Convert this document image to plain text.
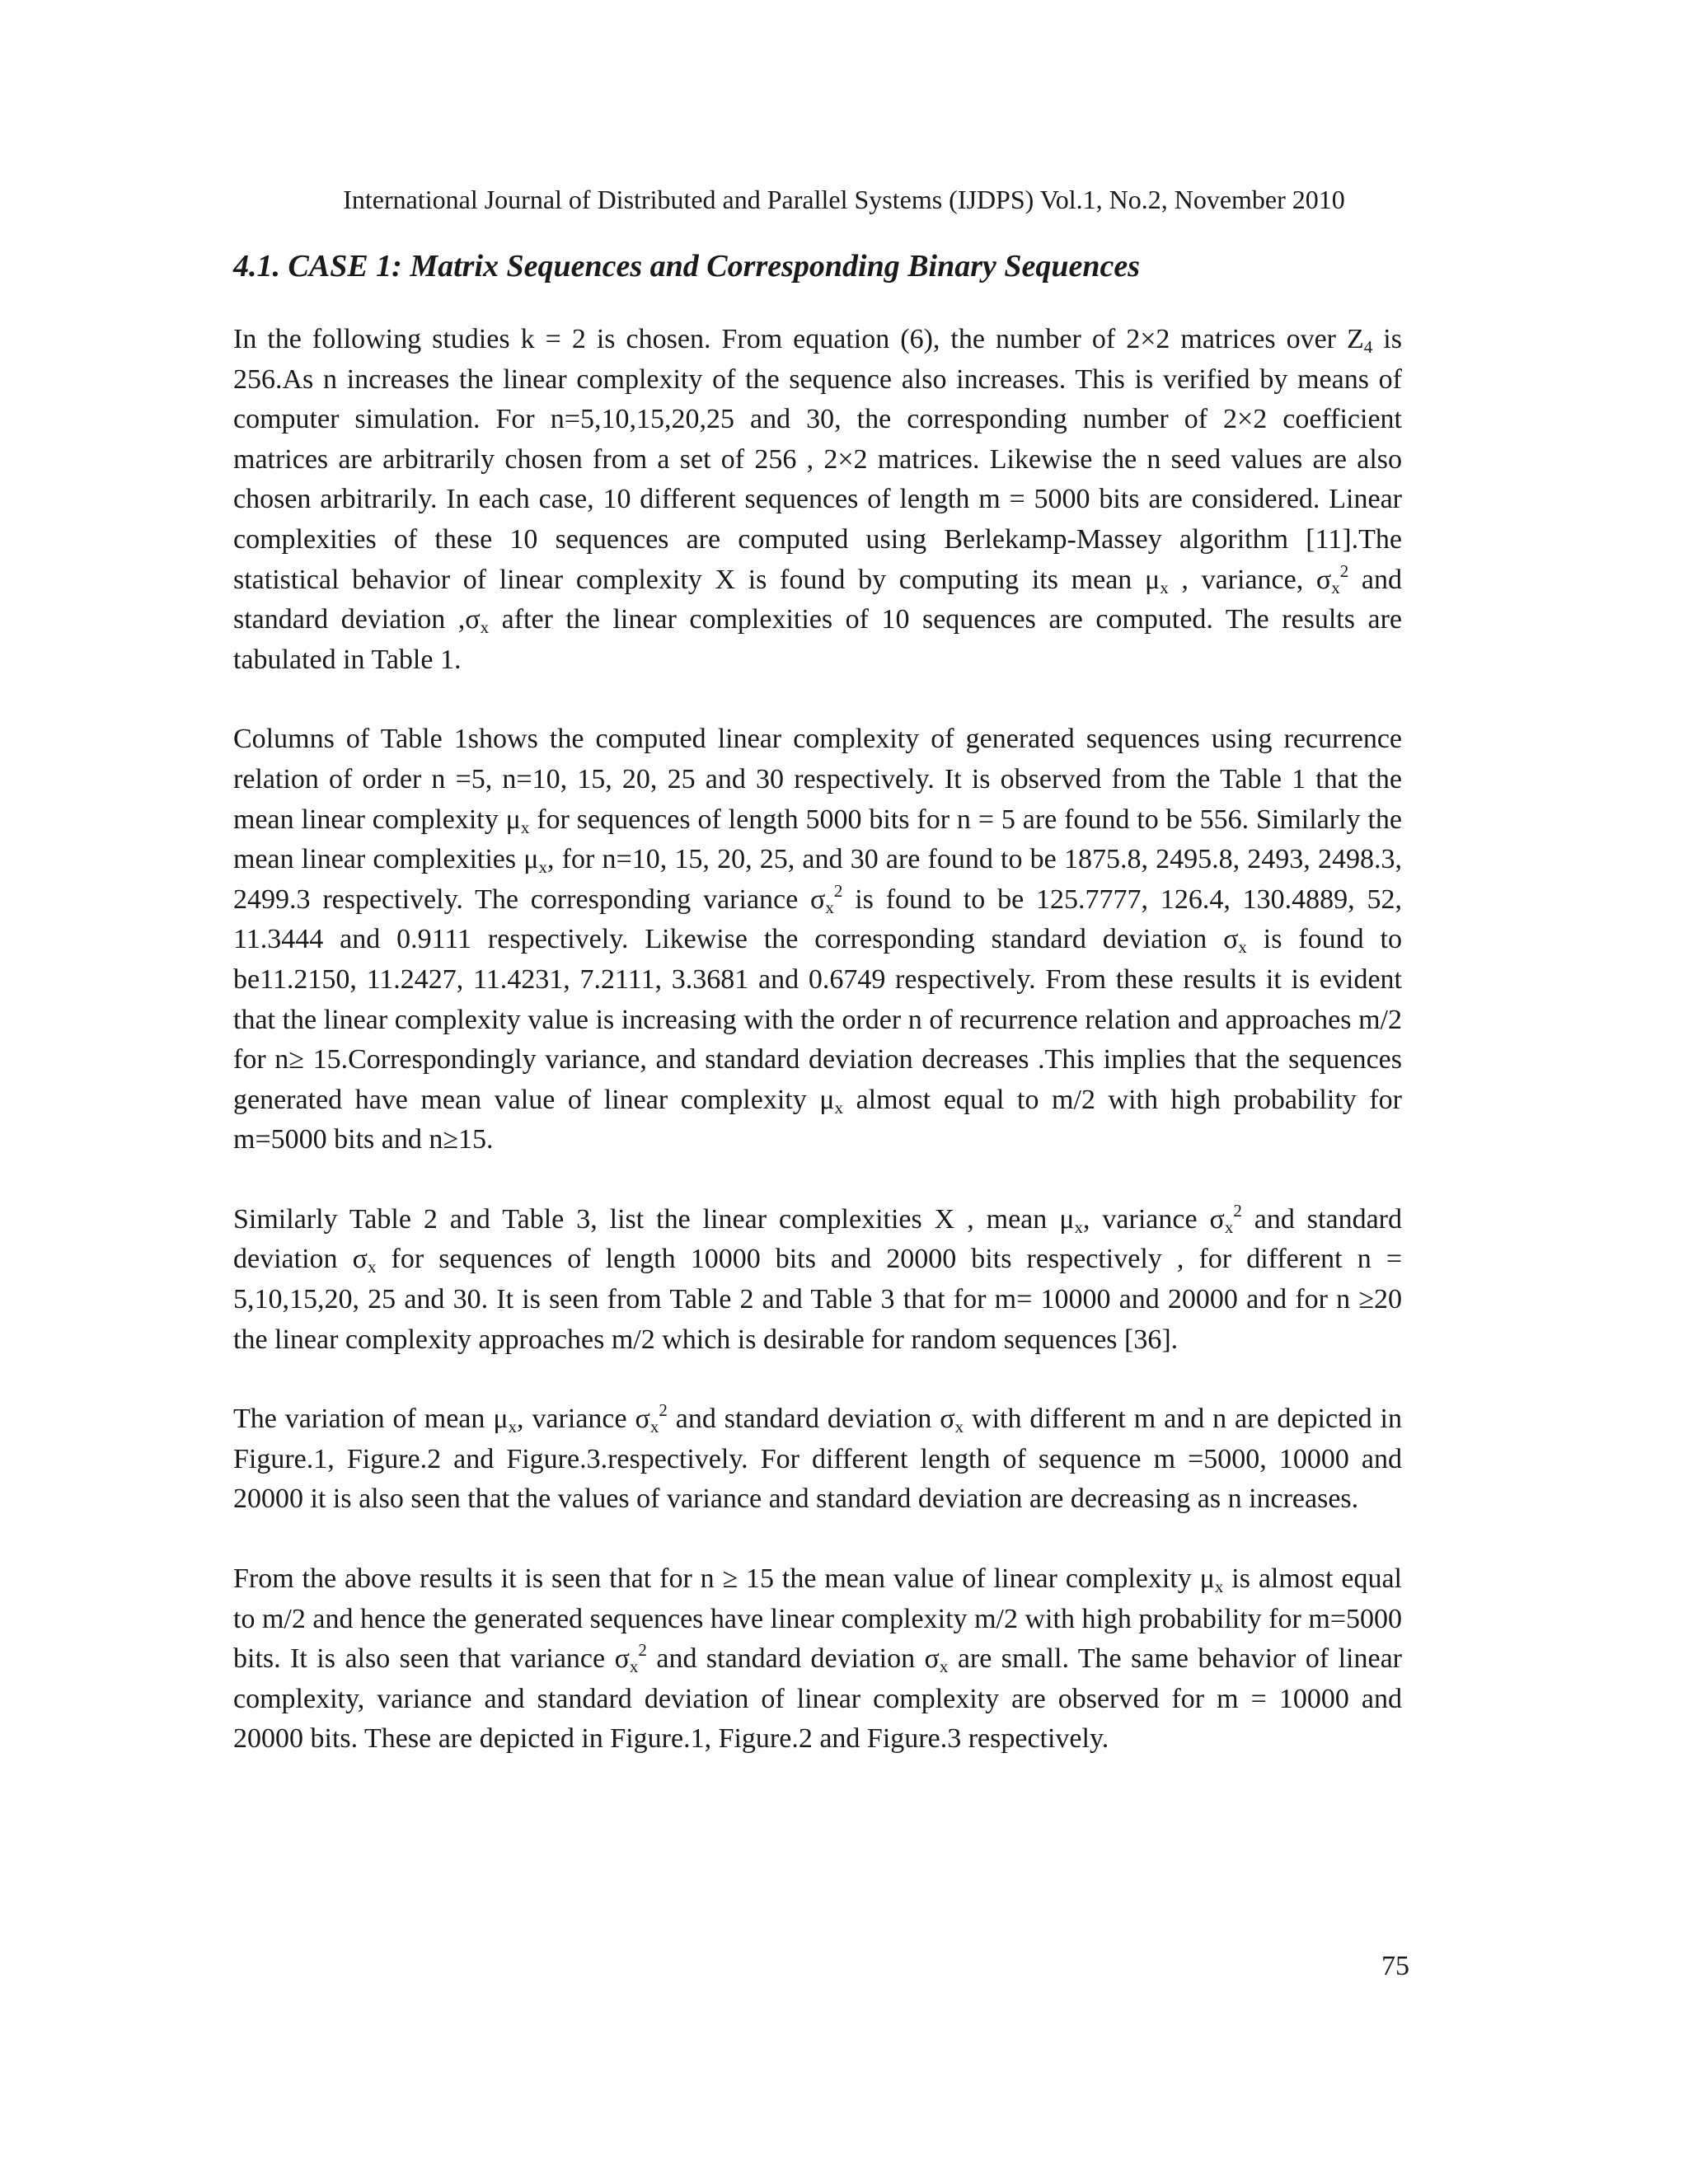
International Journal of Distributed and Parallel Systems (IJDPS) Vol.1, No.2, November 2010
4.1. CASE 1: Matrix Sequences and Corresponding Binary Sequences

In the following studies k = 2 is chosen. From equation (6), the number of 2×2 matrices over $Z_4$ is 256.As n increases the linear complexity of the sequence also increases. This is verified by means of computer simulation. For n=5,10,15,20,25 and 30, the corresponding number of 2×2 coefficient matrices are arbitrarily chosen from a set of 256 , 2×2 matrices. Likewise the n seed values are also chosen arbitrarily. In each case, 10 different sequences of length m = 5000 bits are considered. Linear complexities of these 10 sequences are computed using Berlekamp-Massey algorithm [11].The statistical behavior of linear complexity X is found by computing its mean $\mu_x$ , variance, $\sigma_x^2$ and standard deviation $,\sigma_x$ after the linear complexities of 10 sequences are computed. The results are tabulated in Table 1.

Columns of Table 1shows the computed linear complexity of generated sequences using recurrence relation of order n =5, n=10, 15, 20, 25 and 30 respectively. It is observed from the Table 1 that the mean linear complexity $\mu_x$ for sequences of length 5000 bits for n = 5 are found to be 556. Similarly the mean linear complexities $\mu_x$, for n=10, 15, 20, 25, and 30 are found to be 1875.8, 2495.8, 2493, 2498.3, 2499.3 respectively. The corresponding variance $\sigma_x^2$ is found to be 125.7777, 126.4, 130.4889, 52, 11.3444 and 0.9111 respectively. Likewise the corresponding standard deviation $\sigma_x$ is found to be11.2150, 11.2427, 11.4231, 7.2111, 3.3681 and 0.6749 respectively. From these results it is evident that the linear complexity value is increasing with the order n of recurrence relation and approaches m/2 for n≥ 15.Correspondingly variance, and standard deviation decreases .This implies that the sequences generated have mean value of linear complexity $\mu_x$ almost equal to m/2 with high probability for m=5000 bits and n≥15.

Similarly Table 2 and Table 3, list the linear complexities X , mean $\mu_x$, variance $\sigma_x^2$ and standard deviation $\sigma_x$ for sequences of length 10000 bits and 20000 bits respectively , for different n = 5,10,15,20, 25 and 30. It is seen from Table 2 and Table 3 that for m= 10000 and 20000 and for n ≥20 the linear complexity approaches m/2 which is desirable for random sequences [36].

The variation of mean $\mu_x$, variance $\sigma_x^2$ and standard deviation $\sigma_x$ with different m and n are depicted in Figure.1, Figure.2 and Figure.3.respectively. For different length of sequence m =5000, 10000 and 20000 it is also seen that the values of variance and standard deviation are decreasing as n increases.

From the above results it is seen that for n ≥ 15 the mean value of linear complexity $\mu_x$ is almost equal to m/2 and hence the generated sequences have linear complexity m/2 with high probability for m=5000 bits. It is also seen that variance $\sigma_x^2$ and standard deviation $\sigma_x$ are small. The same behavior of linear complexity, variance and standard deviation of linear complexity are observed for m = 10000 and 20000 bits. These are depicted in Figure.1, Figure.2 and Figure.3 respectively.

75
